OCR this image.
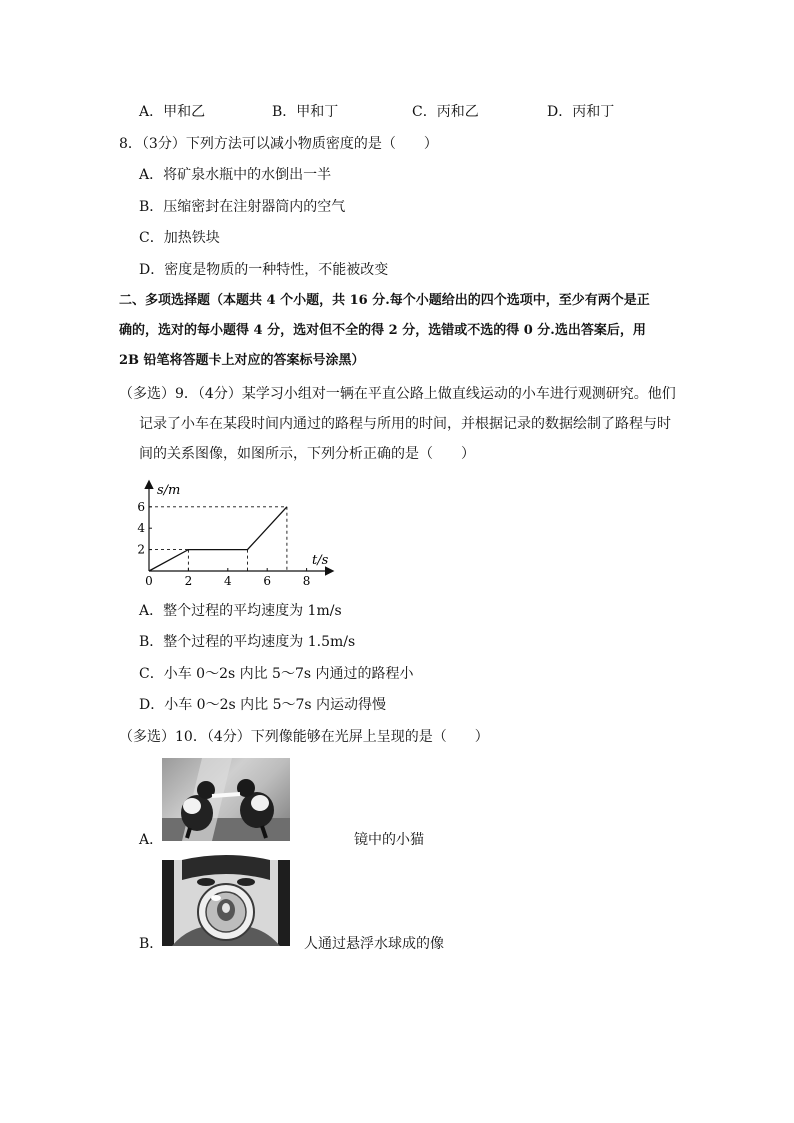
A．甲和乙	B．甲和丁	C．丙和乙	D．丙和丁
8．（3分）下列方法可以减小物质密度的是（　　）
A．将矿泉水瓶中的水倒出一半
B．压缩密封在注射器筒内的空气
C．加热铁块
D．密度是物质的一种特性，不能被改变
二、多项选择题（本题共 4 个小题，共 16 分.每个小题给出的四个选项中，至少有两个是正
确的，选对的每小题得 4 分，选对但不全的得 2 分，选错或不选的得 0 分.选出答案后，用
2B 铅笔将答题卡上对应的答案标号涂黑）
（多选）9．（4分）某学习小组对一辆在平直公路上做直线运动的小车进行观测研究。他们
记录了小车在某段时间内通过的路程与所用的时间，并根据记录的数据绘制了路程与时
间的关系图像，如图所示，下列分析正确的是（　　）
0	2	4	6	8
2
4
6
s/m
t/s
A．整个过程的平均速度为 1m/s
B．整个过程的平均速度为 1.5m/s
C．小车 0～2s 内比 5～7s 内通过的路程小
D．小车 0～2s 内比 5～7s 内运动得慢
（多选）10．（4分）下列像能够在光屏上呈现的是（　　）
A．	镜中的小猫
B．	人通过悬浮水球成的像
